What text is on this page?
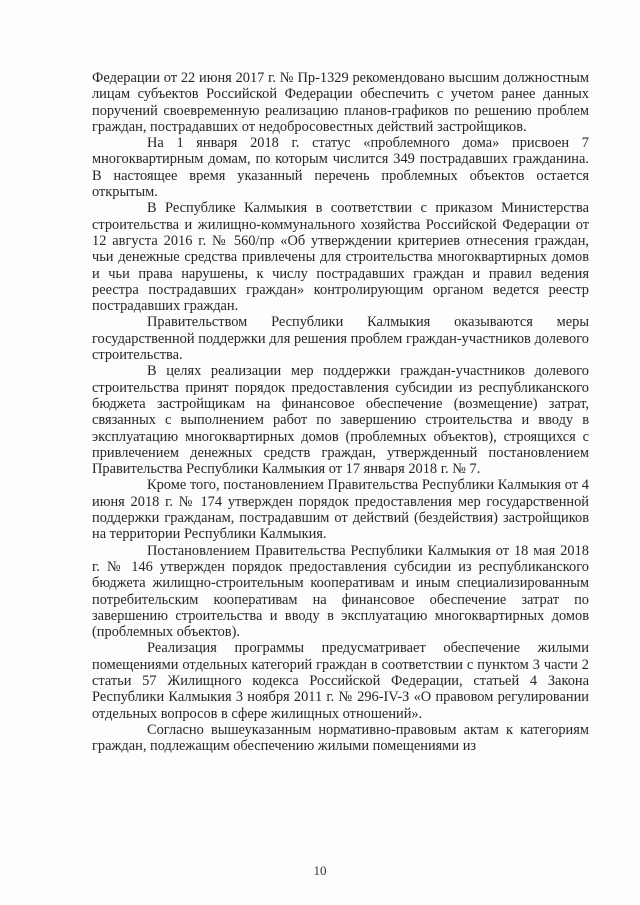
Федерации от 22 июня 2017 г. № Пр-1329 рекомендовано высшим должностным лицам субъектов Российской Федерации обеспечить с учетом ранее данных поручений своевременную реализацию планов-графиков по решению проблем граждан, пострадавших от недобросовестных действий застройщиков.

На 1 января 2018 г. статус «проблемного дома» присвоен 7 многоквартирным домам, по которым числится 349 пострадавших гражданина. В настоящее время указанный перечень проблемных объектов остается открытым.

В Республике Калмыкия в соответствии с приказом Министерства строительства и жилищно-коммунального хозяйства Российской Федерации от 12 августа 2016 г. № 560/пр «Об утверждении критериев отнесения граждан, чьи денежные средства привлечены для строительства многоквартирных домов и чьи права нарушены, к числу пострадавших граждан и правил ведения реестра пострадавших граждан» контролирующим органом ведется реестр пострадавших граждан.

Правительством Республики Калмыкия оказываются меры государственной поддержки для решения проблем граждан-участников долевого строительства.

В целях реализации мер поддержки граждан-участников долевого строительства принят порядок предоставления субсидии из республиканского бюджета застройщикам на финансовое обеспечение (возмещение) затрат, связанных с выполнением работ по завершению строительства и вводу в эксплуатацию многоквартирных домов (проблемных объектов), строящихся с привлечением денежных средств граждан, утвержденный постановлением Правительства Республики Калмыкия от 17 января 2018 г. № 7.

Кроме того, постановлением Правительства Республики Калмыкия от 4 июня 2018 г. № 174 утвержден порядок предоставления мер государственной поддержки гражданам, пострадавшим от действий (бездействия) застройщиков на территории Республики Калмыкия.

Постановлением Правительства Республики Калмыкия от 18 мая 2018 г. № 146 утвержден порядок предоставления субсидии из республиканского бюджета жилищно-строительным кооперативам и иным специализированным потребительским кооперативам на финансовое обеспечение затрат по завершению строительства и вводу в эксплуатацию многоквартирных домов (проблемных объектов).

Реализация программы предусматривает обеспечение жилыми помещениями отдельных категорий граждан в соответствии с пунктом 3 части 2 статьи 57 Жилищного кодекса Российской Федерации, статьей 4 Закона Республики Калмыкия 3 ноября 2011 г. № 296-IV-З «О правовом регулировании отдельных вопросов в сфере жилищных отношений».

Согласно вышеуказанным нормативно-правовым актам к категориям граждан, подлежащим обеспечению жилыми помещениями из

10
